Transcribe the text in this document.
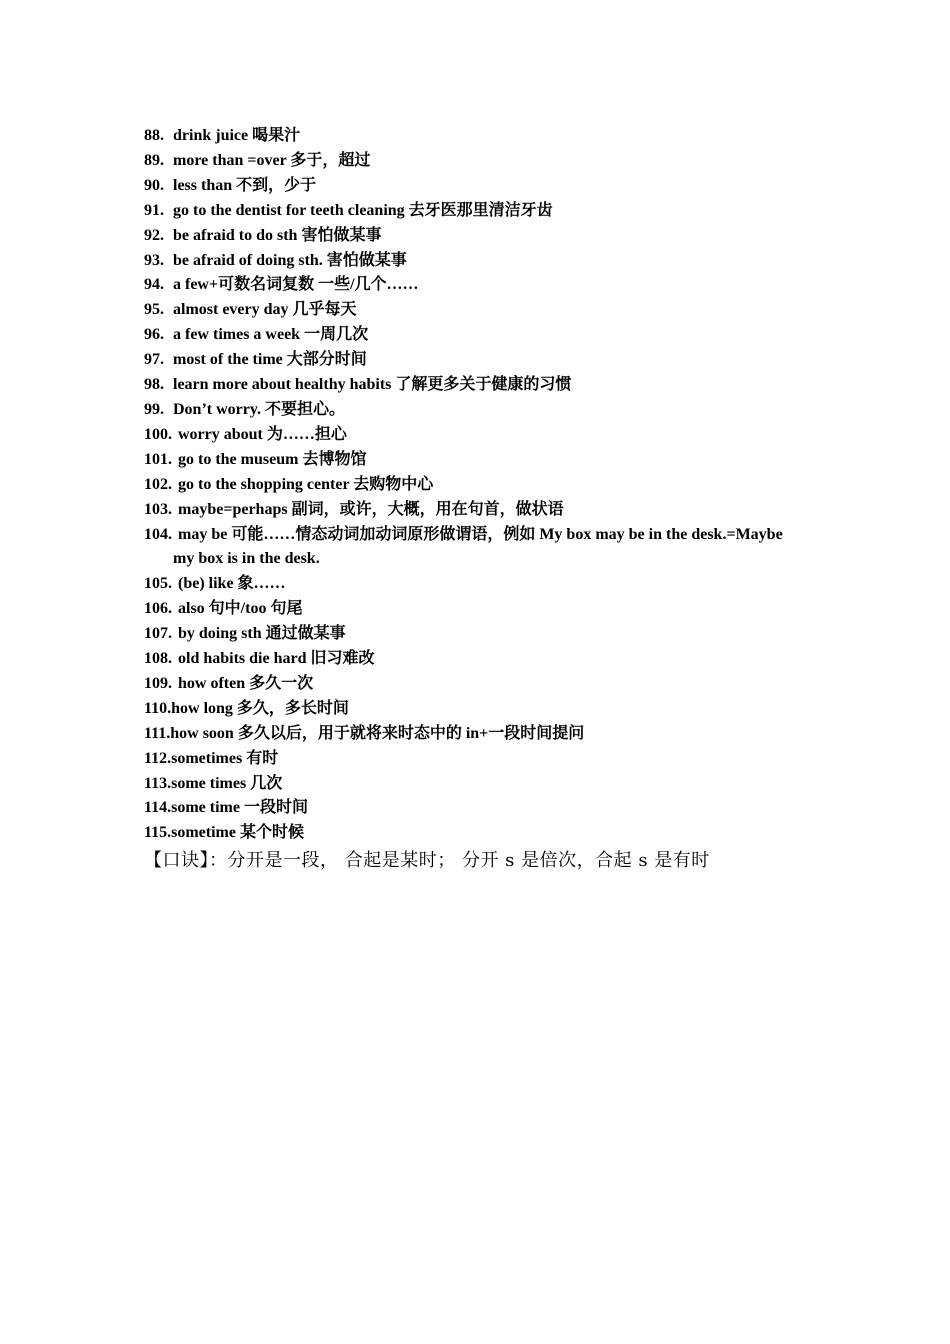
88. drink juice 喝果汁
89. more than =over 多于，超过
90. less than 不到，少于
91. go to the dentist for teeth cleaning 去牙医那里清洁牙齿
92. be afraid to do sth 害怕做某事
93. be afraid of doing sth. 害怕做某事
94. a few+可数名词复数 一些/几个……
95. almost every day 几乎每天
96. a few times a week 一周几次
97. most of the time 大部分时间
98. learn more about healthy habits 了解更多关于健康的习惯
99. Don’t worry. 不要担心。
100. worry about 为……担心
101. go to the museum 去博物馆
102. go to the shopping center 去购物中心
103. maybe=perhaps 副词，或许，大概，用在句首，做状语
104. may be 可能……情态动词加动词原形做谓语，例如 My box may be in the desk.=Maybe
my box is in the desk.
105. (be) like 象……
106. also 句中/too 句尾
107. by doing sth 通过做某事
108. old habits die hard 旧习难改
109. how often 多久一次
110.how long 多久，多长时间
111.how soon 多久以后，用于就将来时态中的 in+一段时间提问
112.sometimes 有时
113.some times 几次
114.some time 一段时间
115.sometime 某个时候
【口诀】：分开是一段， 合起是某时； 分开 s 是倍次，合起 s 是有时
